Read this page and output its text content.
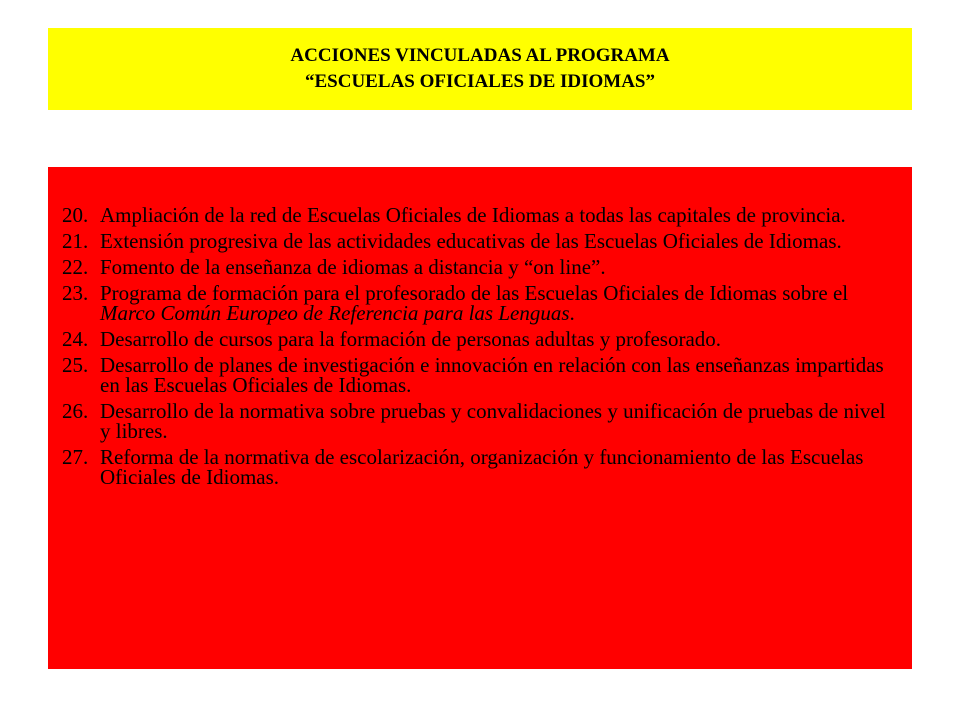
ACCIONES VINCULADAS AL PROGRAMA
“ESCUELAS OFICIALES DE IDIOMAS”
20. Ampliación de la red de Escuelas Oficiales de Idiomas a todas las capitales de provincia.
21. Extensión progresiva de las actividades educativas de las Escuelas Oficiales de Idiomas.
22. Fomento de la enseñanza de idiomas a distancia y “on line”.
23. Programa de formación para el profesorado de las Escuelas Oficiales de Idiomas sobre el Marco Común Europeo de Referencia para las Lenguas.
24. Desarrollo de cursos para la formación de personas adultas y profesorado.
25. Desarrollo de planes de investigación e innovación en relación con las enseñanzas impartidas en las Escuelas Oficiales de Idiomas.
26. Desarrollo de la normativa sobre pruebas y convalidaciones y unificación de pruebas de nivel y libres.
27. Reforma de la normativa de escolarización, organización y funcionamiento de las Escuelas Oficiales de Idiomas.
